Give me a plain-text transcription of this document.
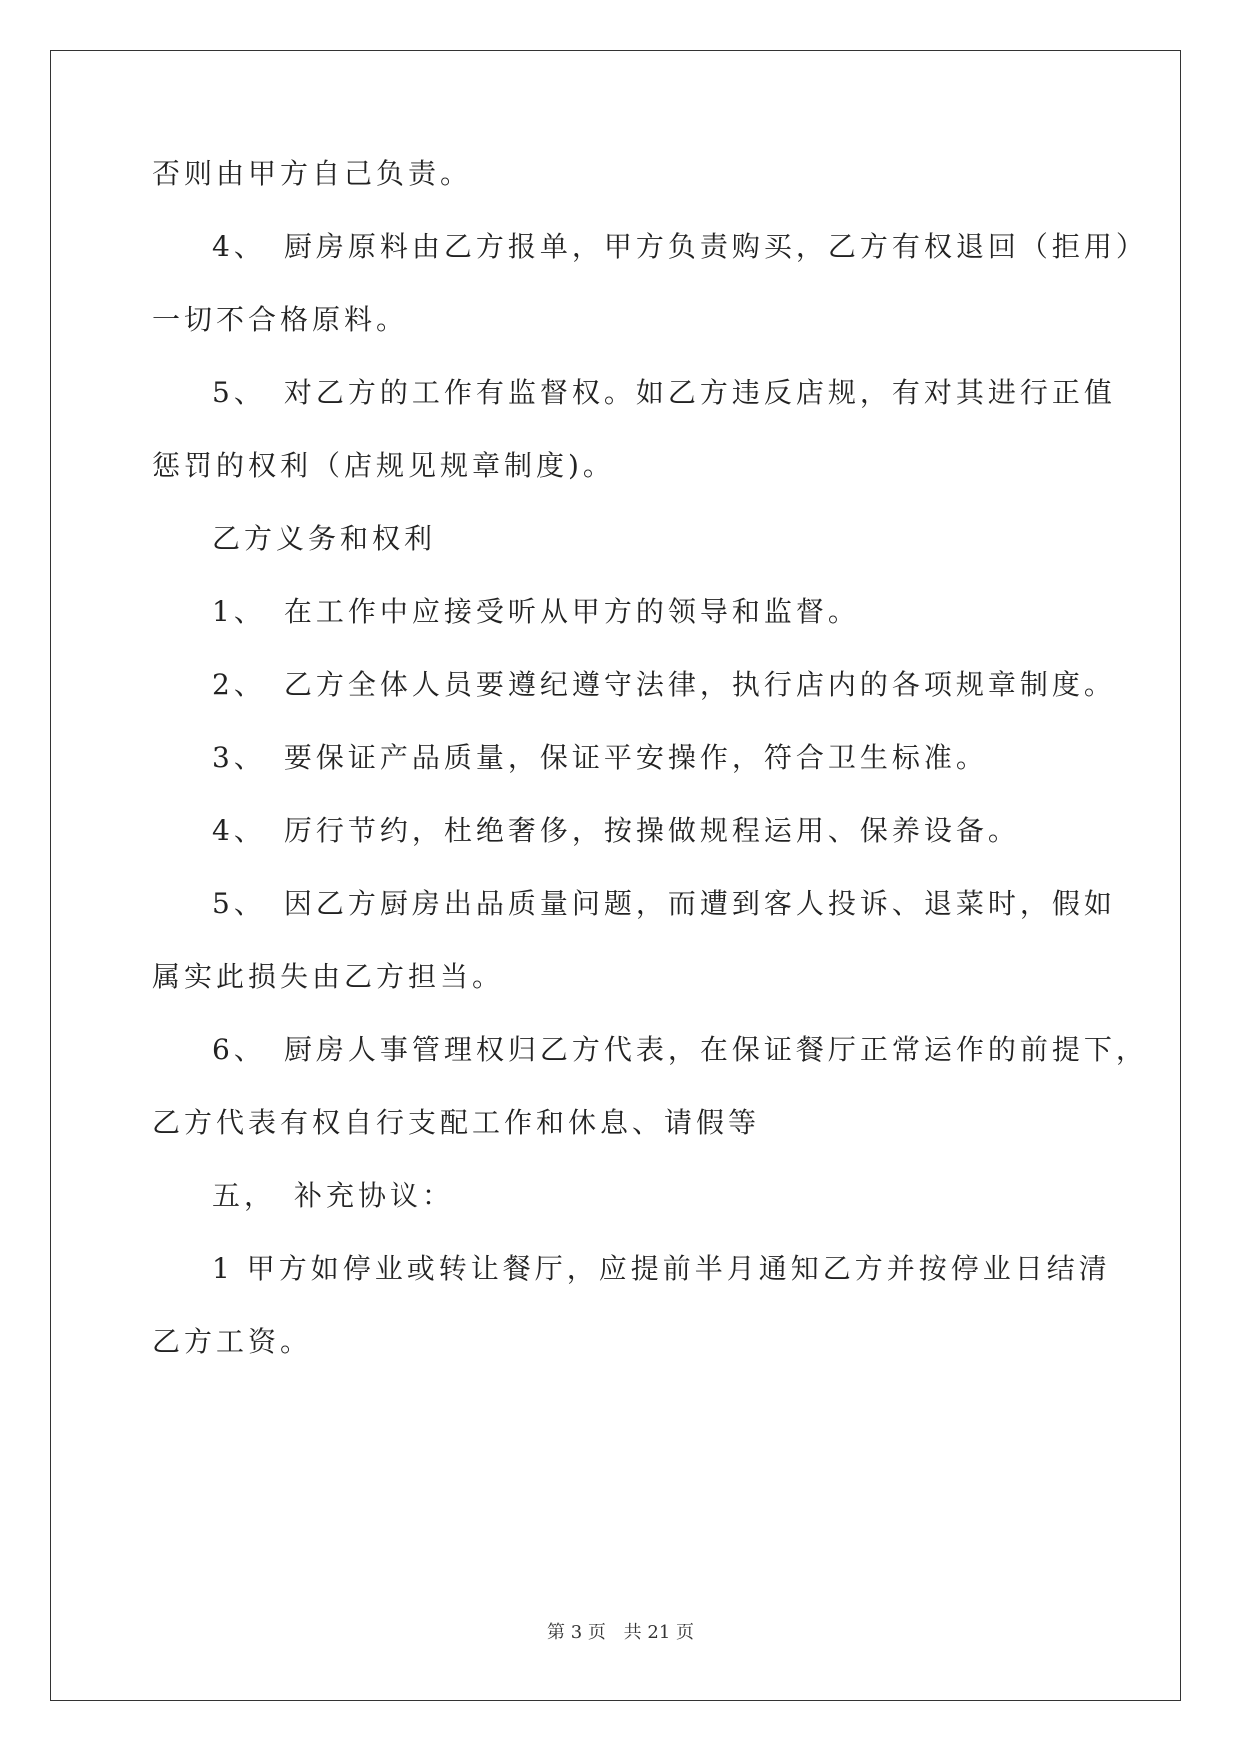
否则由甲方自己负责。

4、　厨房原料由乙方报单，甲方负责购买，乙方有权退回（拒用）

一切不合格原料。

5、　对乙方的工作有监督权。如乙方违反店规，有对其进行正值

惩罚的权利（店规见规章制度)。

乙方义务和权利

1、　在工作中应接受听从甲方的领导和监督。

2、　乙方全体人员要遵纪遵守法律，执行店内的各项规章制度。

3、　要保证产品质量，保证平安操作，符合卫生标准。

4、　厉行节约，杜绝奢侈，按操做规程运用、保养设备。

5、　因乙方厨房出品质量问题，而遭到客人投诉、退菜时，假如

属实此损失由乙方担当。

6、　厨房人事管理权归乙方代表，在保证餐厅正常运作的前提下，

乙方代表有权自行支配工作和休息、请假等

五，　补充协议：

1 甲方如停业或转让餐厅，应提前半月通知乙方并按停业日结清

乙方工资。

第 3 页 共 21 页
